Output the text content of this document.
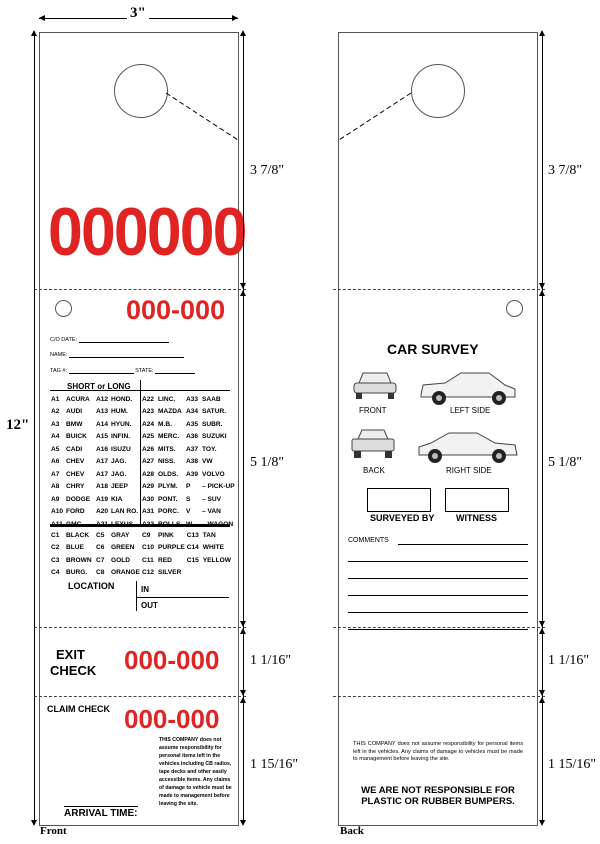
3"
12"
000000
000-000
C/O DATE:
NAME:
TAG #:	STATE:
SHORT or LONG
A1	ACURA	A12	HOND.	A22	LINC.	A33	SAAB
A2	AUDI	A13	HUM.	A23	MAZDA	A34	SATUR.
A3	BMW	A14	HYUN.	A24	M.B.	A35	SUBR.
A4	BUICK	A15	INFIN.	A25	MERC.	A36	SUZUKI
A5	CADI	A16	ISUZU	A26	MITS.	A37	TOY.
A6	CHEV	A17	JAG.	A27	NISS.	A38	VW
A7	CHEV	A17	JAG.	A28	OLDS.	A39	VOLVO
A8	CHRY	A18	JEEP	A29	PLYM.	P	– PICK-UP
A9	DODGE	A19	KIA	A30	PONT.	S	– SUV
A10	FORD	A20	LAN RO.	A31	PORC.	V	– VAN
A11	GMC	A21	LEXUS	A32	ROLLS	W	– WAGON
C1	BLACK	C5	GRAY	C9	PINK	C13	TAN
C2	BLUE	C6	GREEN	C10	PURPLE	C14	WHITE
C3	BROWN	C7	GOLD	C11	RED	C15	YELLOW
C4	BURG.	C8	ORANGE	C12	SILVER		
LOCATION	IN
OUT
EXIT
CHECK 000-000
CLAIM CHECK 000-000
THIS COMPANY does not assume responsibility for personal items left in the vehicles including CB radios, tape decks and other easily accessible items. Any claims of damage to vehicle must be made to management before leaving the site.
ARRIVAL TIME:
3 7/8"
5 1/8"
1 1/16"
1 15/16"
Front
CAR SURVEY
FRONT	LEFT SIDE
BACK	RIGHT SIDE
SURVEYED BY WITNESS
COMMENTS
THIS COMPANY does not assume responsibility for personal items left in the vehicles. Any claims of damage to vehicles must be made to management before leaving the site.
WE ARE NOT RESPONSIBLE FOR
PLASTIC OR RUBBER BUMPERS.
3 7/8"
5 1/8"
1 1/16"
1 15/16"
Back
